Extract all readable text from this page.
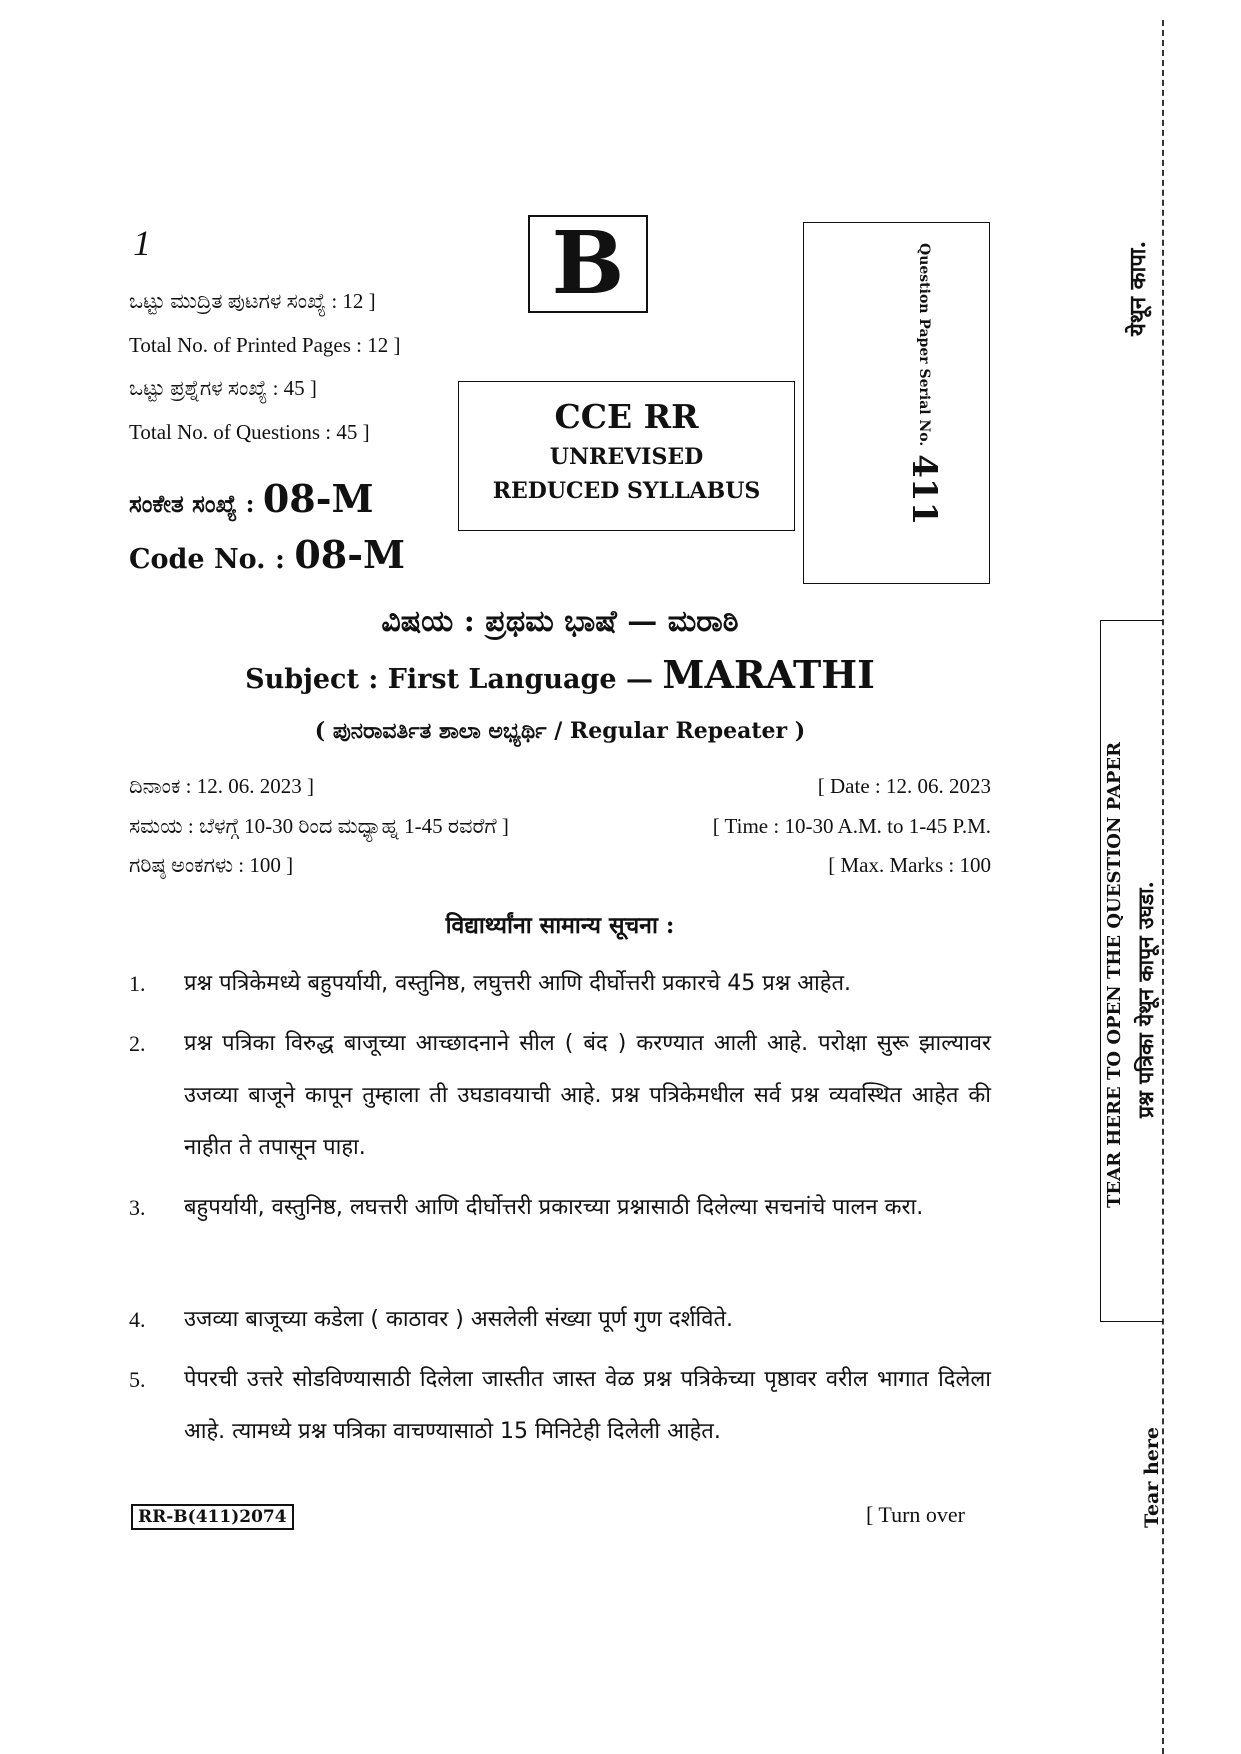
1
ಒಟ್ಟು ಮುದ್ರಿತ ಪುಟಗಳ ಸಂಖ್ಯೆ : 12 ]
Total No. of Printed Pages : 12 ]
ಒಟ್ಟು ಪ್ರಶ್ನೆಗಳ ಸಂಖ್ಯೆ : 45 ]
Total No. of Questions : 45 ]
ಸಂಕೇತ ಸಂಖ್ಯೆ : 08-M
Code No. : 08-M
B
CCE RR
UNREVISED
REDUCED SYLLABUS
Question Paper Serial No.
411
ವಿಷಯ : ಪ್ರಥಮ ಭಾಷೆ — ಮರಾಠಿ
Subject : First Language — MARATHI
( ಪುನರಾವರ್ತಿತ ಶಾಲಾ ಅಭ್ಯರ್ಥಿ / Regular Repeater )
ದಿನಾಂಕ : 12. 06. 2023 ]	[ Date : 12. 06. 2023
ಸಮಯ : ಬೆಳಗ್ಗೆ 10-30 ರಿಂದ ಮಧ್ಯಾಹ್ನ 1-45 ರವರೆಗೆ ]	[ Time : 10-30 A.M. to 1-45 P.M.
ಗರಿಷ್ಠ ಅಂಕಗಳು : 100 ]	[ Max. Marks : 100
विद्यार्थ्यांना सामान्य सूचना :
1. प्रश्न पत्रिकेमध्ये बहुपर्यायी, वस्तुनिष्ठ, लघुत्तरी आणि दीर्घोत्तरी प्रकारचे 45 प्रश्न आहेत.
2. प्रश्न पत्रिका विरुद्ध बाजूच्या आच्छादनाने सील ( बंद ) करण्यात आली आहे. परोक्षा सुरू झाल्यावर उजव्या बाजूने कापून तुम्हाला ती उघडावयाची आहे. प्रश्न पत्रिकेमधील सर्व प्रश्न व्यवस्थित आहेत की नाहीत ते तपासून पाहा.
3. बहुपर्यायी, वस्तुनिष्ठ, लघत्तरी आणि दीर्घोत्तरी प्रकारच्या प्रश्नासाठी दिलेल्या सचनांचे पालन करा.
4. उजव्या बाजूच्या कडेला ( काठावर ) असलेली संख्या पूर्ण गुण दर्शविते.
5. पेपरची उत्तरे सोडविण्यासाठी दिलेला जास्तीत जास्त वेळ प्रश्न पत्रिकेच्या पृष्ठावर वरील भागात दिलेला आहे. त्यामध्ये प्रश्न पत्रिका वाचण्यासाठो 15 मिनिटेही दिलेली आहेत.
RR-B(411)2074	[ Turn over
येथून कापा.
TEAR HERE TO OPEN THE QUESTION PAPER प्रश्न पत्रिका येथून कापून उघडा.
Tear here
